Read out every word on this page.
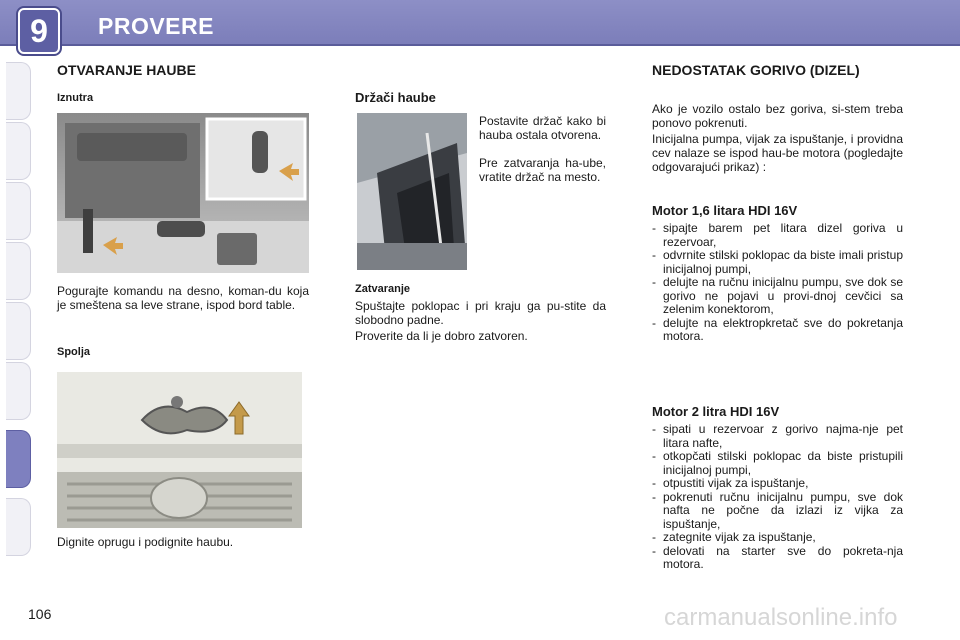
9	PROVERE
OTVARANJE HAUBE
Iznutra
Pogurajte komandu na desno, koman-du koja je smeštena sa leve strane, ispod bord table.
Spolja
Dignite oprugu i podignite haubu.
Držači haube
Postavite držač kako bi hauba ostala otvorena.
Pre zatvaranja ha-ube, vratite držač na mesto.
Zatvaranje
Spuštajte poklopac i pri kraju ga pu-stite da slobodno padne.
Proverite da li je dobro zatvoren.
NEDOSTATAK GORIVO (DIZEL)
Ako je vozilo ostalo bez goriva, si-stem treba ponovo pokrenuti.
Inicijalna pumpa, vijak za ispuštanje, i providna cev nalaze se ispod hau-be motora (pogledajte odgovarajući prikaz) :
Motor 1,6 litara HDI 16V
- sipajte barem pet litara dizel goriva u rezervoar,
- odvrnite stilski poklopac da biste imali pristup inicijalnoj pumpi,
- delujte na ručnu inicijalnu pumpu, sve dok se gorivo ne pojavi u provi-dnoj cevčici sa zelenim konektorom,
- delujte na elektropkretač sve do pokretanja motora.
Motor 2 litra HDI 16V
- sipati u rezervoar z gorivo najma-nje pet litara nafte,
- otkopčati stilski poklopac da biste pristupili inicijalnoj pumpi,
- otpustiti vijak za ispuštanje,
- pokrenuti ručnu inicijalnu pumpu, sve dok nafta ne počne da izlazi iz vijka za ispuštanje,
- zategnite vijak za ispuštanje,
- delovati na starter sve do pokreta-nja motora.
106	carmanualsonline.info
